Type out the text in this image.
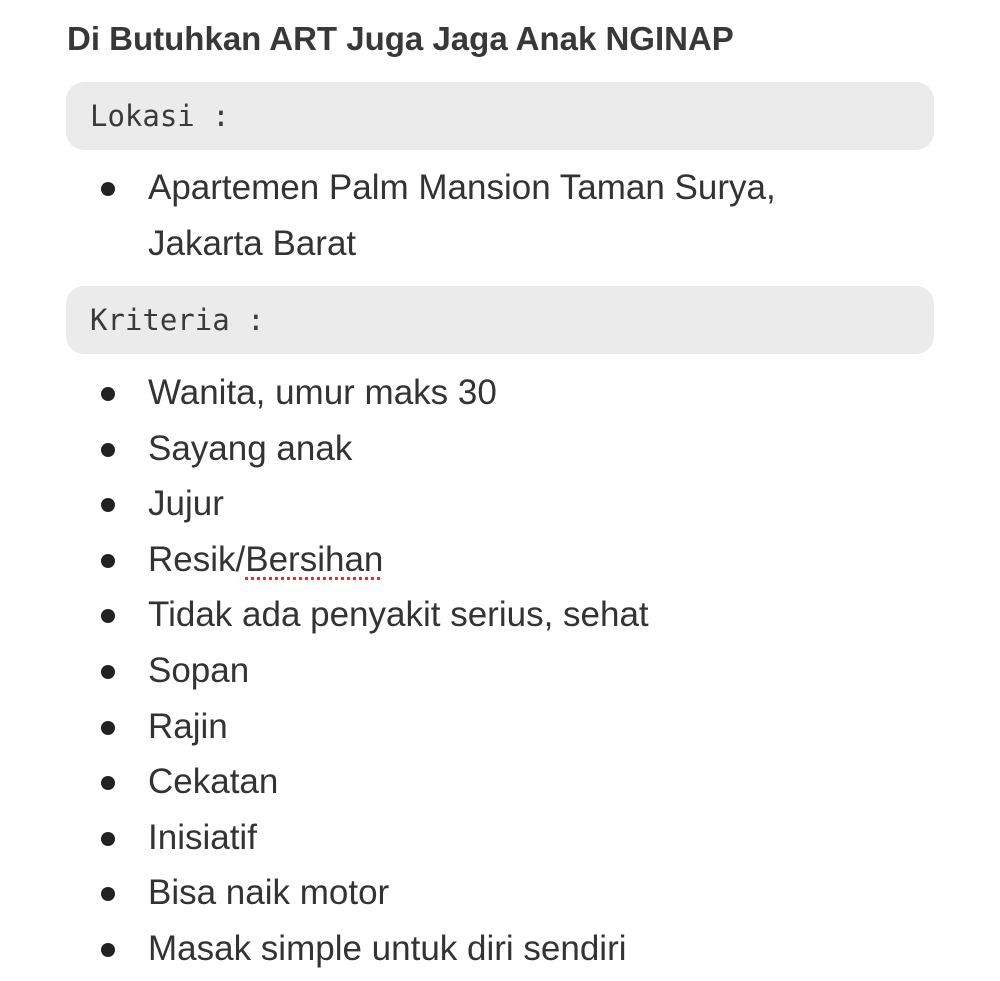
Di Butuhkan ART Juga Jaga Anak NGINAP
Lokasi :
Apartemen Palm Mansion Taman Surya, Jakarta Barat
Kriteria :
Wanita, umur maks 30
Sayang anak
Jujur
Resik/Bersihan
Tidak ada penyakit serius, sehat
Sopan
Rajin
Cekatan
Inisiatif
Bisa naik motor
Masak simple untuk diri sendiri
